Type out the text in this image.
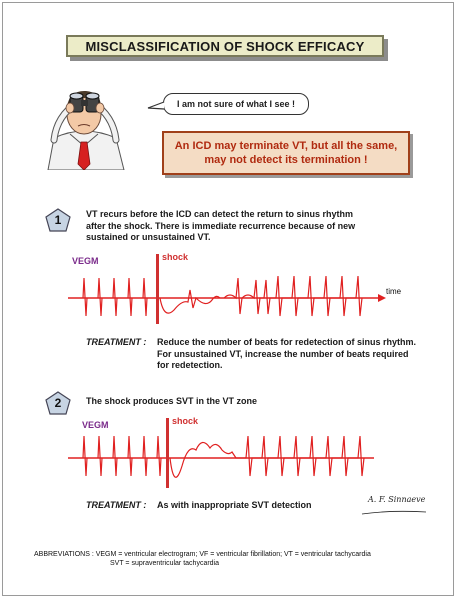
MISCLASSIFICATION OF SHOCK EFFICACY
I am not sure of what I see !
An ICD may terminate VT, but all the same,
may not detect its termination !
1	VT recurs before the ICD can detect the return to sinus rhythm
after the shock. There is immediate recurrence because of new
sustained or unsustained VT.
VEGM	shock
time
TREATMENT : Reduce the number of beats for redetection of sinus rhythm.
For unsustained VT, increase the number of beats required
for redetection.
2	The shock produces SVT in the VT zone
VEGM	shock
TREATMENT : As with inappropriate SVT detection
A. F. Sinnaeve
ABBREVIATIONS : VEGM = ventricular electrogram; VF = ventricular fibrillation; VT = ventricular tachycardia
SVT = supraventricular tachycardia
